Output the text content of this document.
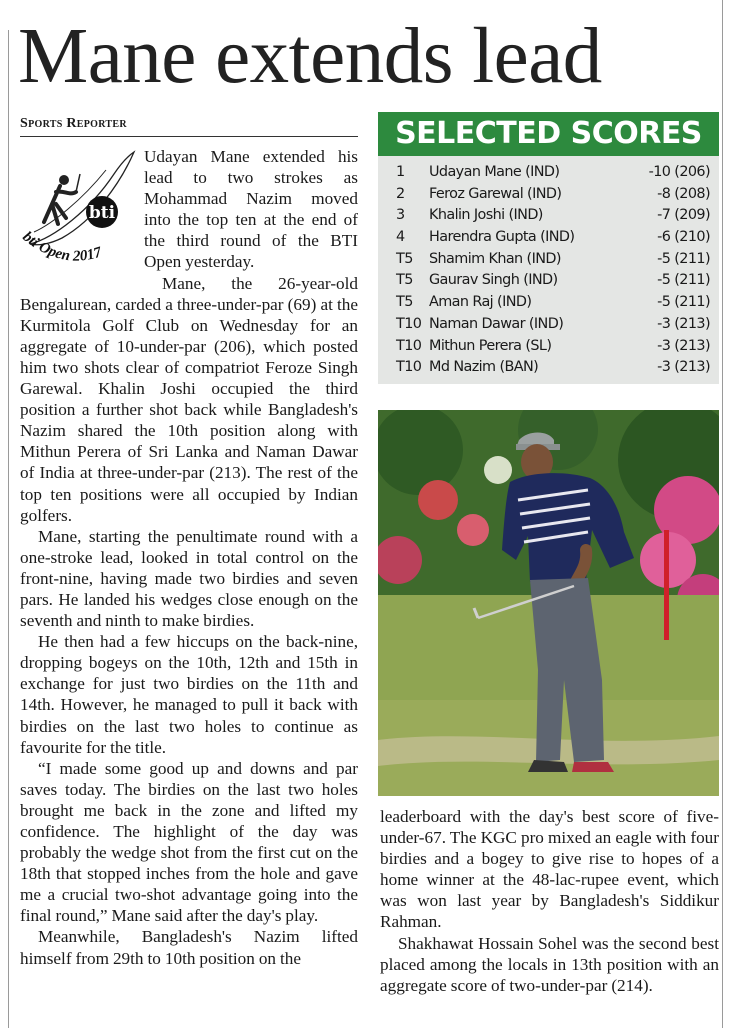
Mane extends lead
Sports Reporter
bti
bti Open 2017

Udayan Mane extended his lead to two strokes as Mohammad Nazim moved into the top ten at the end of the third round of the BTI Open yesterday.

Mane, the 26-year-old Bengalurean, carded a three-under-par (69) at the Kurmitola Golf Club on Wednesday for an aggregate of 10-under-par (206), which posted him two shots clear of compatriot Feroze Singh Garewal. Khalin Joshi occupied the third position a further shot back while Bangladesh's Nazim shared the 10th position along with Mithun Perera of Sri Lanka and Naman Dawar of India at three-under-par (213). The rest of the top ten positions were all occupied by Indian golfers.

Mane, starting the penultimate round with a one-stroke lead, looked in total control on the front-nine, having made two birdies and seven pars. He landed his wedges close enough on the seventh and ninth to make birdies.

He then had a few hiccups on the back-nine, dropping bogeys on the 10th, 12th and 15th in exchange for just two birdies on the 11th and 14th. However, he managed to pull it back with birdies on the last two holes to continue as favourite for the title.

“I made some good up and downs and par saves today. The birdies on the last two holes brought me back in the zone and lifted my confidence. The highlight of the day was probably the wedge shot from the first cut on the 18th that stopped inches from the hole and gave me a crucial two-shot advantage going into the final round,” Mane said after the day's play.

Meanwhile, Bangladesh's Nazim lifted himself from 29th to 10th position on the

SELECTED SCORES
1 Udayan Mane (IND)	-10 (206)
2 Feroz Garewal (IND)	-8 (208)
3 Khalin Joshi (IND)	-7 (209)
4 Harendra Gupta (IND)	-6 (210)
T5 Shamim Khan (IND)	-5 (211)
T5 Gaurav Singh (IND)	-5 (211)
T5 Aman Raj (IND)	-5 (211)
T10 Naman Dawar (IND)	-3 (213)
T10 Mithun Perera (SL)	-3 (213)
T10 Md Nazim (BAN)	-3 (213)

leaderboard with the day's best score of five-under-67. The KGC pro mixed an eagle with four birdies and a bogey to give rise to hopes of a home winner at the 48-lac-rupee event, which was won last year by Bangladesh's Siddikur Rahman.

Shakhawat Hossain Sohel was the second best placed among the locals in 13th position with an aggregate score of two-under-par (214).
